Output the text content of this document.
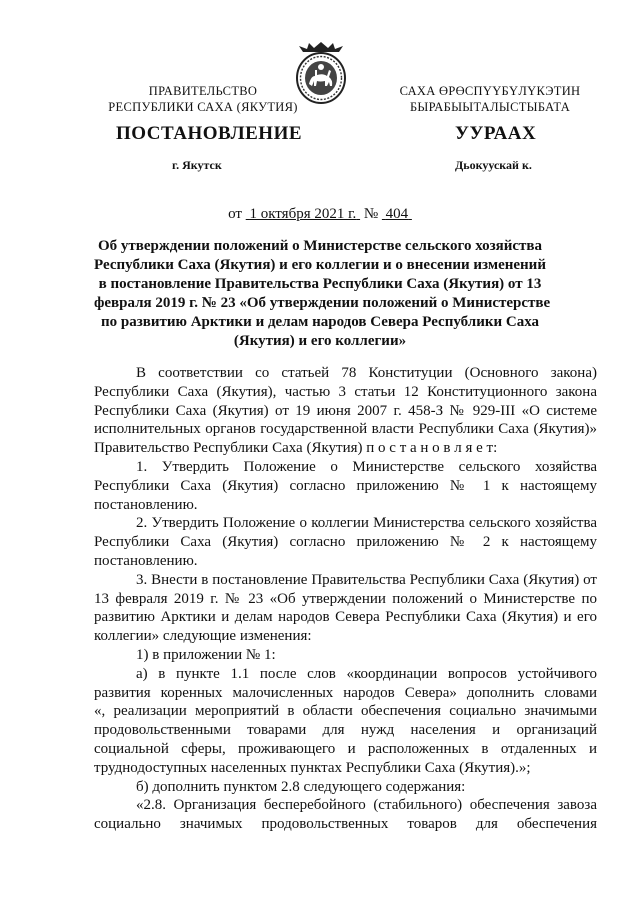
ПРАВИТЕЛЬСТВО
РЕСПУБЛИКИ САХА (ЯКУТИЯ)
САХА ӨРӨСПҮҮБҮЛҮКЭТИН
БЫРАБЫЫТАЛЫСТЫБАТА
ПОСТАНОВЛЕНИЕ	УУРААХ
г. Якутск	Дьокуускай к.
от 1 октября 2021 г. № 404
Об утверждении положений о Министерстве сельского хозяйства
Республики Саха (Якутия) и его коллегии и о внесении изменений
в постановление Правительства Республики Саха (Якутия) от 13
февраля 2019 г. № 23 «Об утверждении положений о Министерстве
по развитию Арктики и делам народов Севера Республики Саха
(Якутия) и его коллегии»
В соответствии со статьей 78 Конституции (Основного закона)
Республики Саха (Якутия), частью 3 статьи 12 Конституционного закона
Республики Саха (Якутия) от 19 июня 2007 г. 458-З № 929-III «О системе
исполнительных органов государственной власти Республики Саха (Якутия)»
Правительство Республики Саха (Якутия) п о с т а н о в л я е т:
1. Утвердить Положение о Министерстве сельского хозяйства
Республики Саха (Якутия) согласно приложению № 1 к настоящему
постановлению.
2. Утвердить Положение о коллегии Министерства сельского хозяйства
Республики Саха (Якутия) согласно приложению № 2 к настоящему
постановлению.
3. Внести в постановление Правительства Республики Саха (Якутия) от
13 февраля 2019 г. № 23 «Об утверждении положений о Министерстве по
развитию Арктики и делам народов Севера Республики Саха (Якутия) и его
коллегии» следующие изменения:
1) в приложении № 1:
а) в пункте 1.1 после слов «координации вопросов устойчивого
развития коренных малочисленных народов Севера» дополнить словами
«, реализации мероприятий в области обеспечения социально значимыми
продовольственными товарами для нужд населения и организаций
социальной сферы, проживающего и расположенных в отдаленных и
труднодоступных населенных пунктах Республики Саха (Якутия).»;
б) дополнить пунктом 2.8 следующего содержания:
«2.8. Организация бесперебойного (стабильного) обеспечения завоза
социально значимых продовольственных товаров для обеспечения
